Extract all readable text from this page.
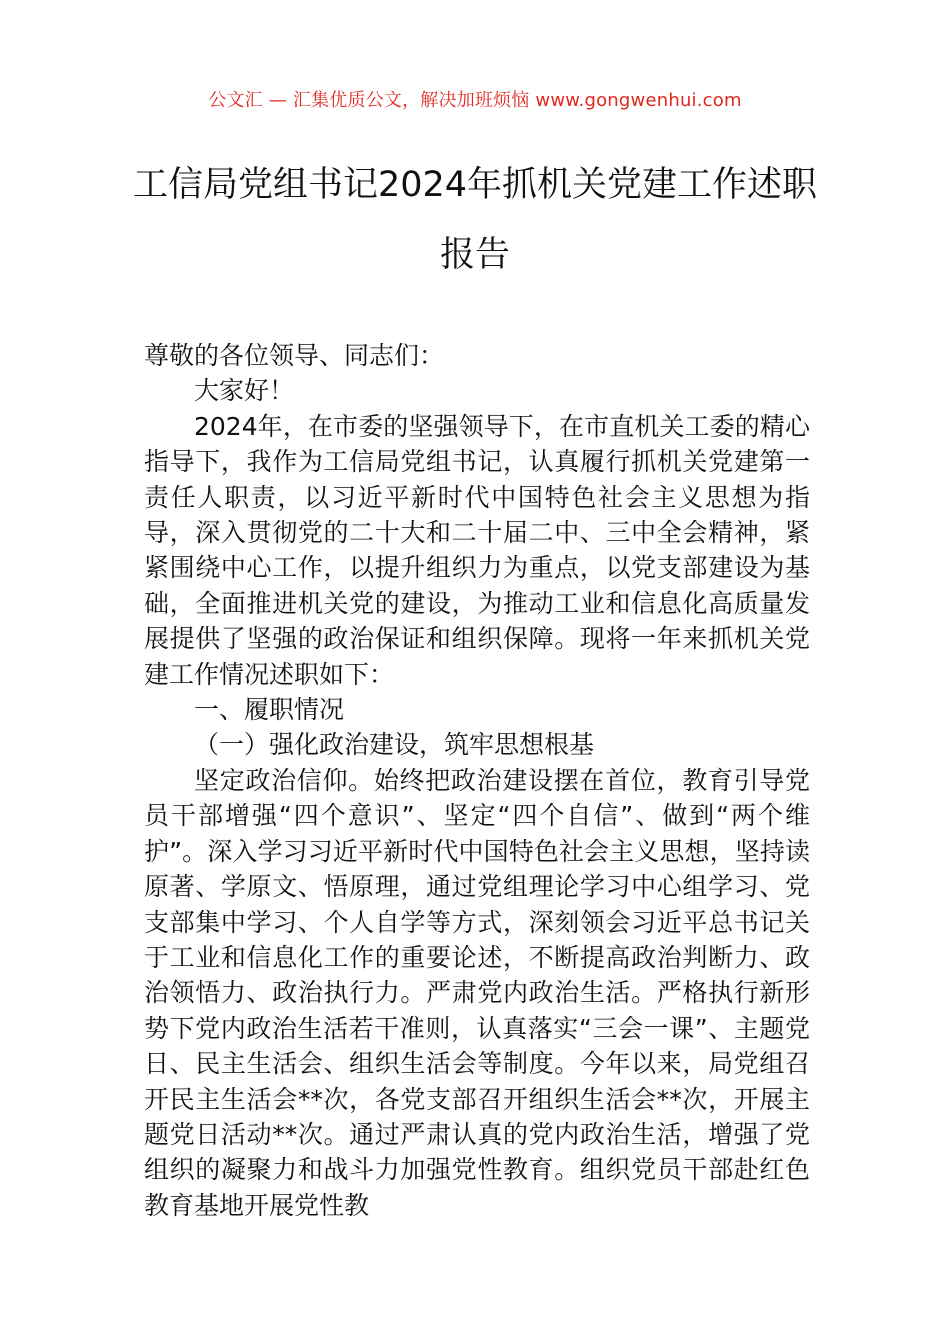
公文汇 — 汇集优质公文，解决加班烦恼 www.gongwenhui.com
工信局党组书记2024年抓机关党建工作述职报告

尊敬的各位领导、同志们：

大家好！

2024年，在市委的坚强领导下，在市直机关工委的精心指导下，我作为工信局党组书记，认真履行抓机关党建第一责任人职责，以习近平新时代中国特色社会主义思想为指导，深入贯彻党的二十大和二十届二中、三中全会精神，紧紧围绕中心工作，以提升组织力为重点，以党支部建设为基础，全面推进机关党的建设，为推动工业和信息化高质量发展提供了坚强的政治保证和组织保障。现将一年来抓机关党建工作情况述职如下：

一、履职情况

（一）强化政治建设，筑牢思想根基

坚定政治信仰。始终把政治建设摆在首位，教育引导党员干部增强“四个意识”、坚定“四个自信”、做到“两个维护”。深入学习习近平新时代中国特色社会主义思想，坚持读原著、学原文、悟原理，通过党组理论学习中心组学习、党支部集中学习、个人自学等方式，深刻领会习近平总书记关于工业和信息化工作的重要论述，不断提高政治判断力、政治领悟力、政治执行力。严肃党内政治生活。严格执行新形势下党内政治生活若干准则，认真落实“三会一课”、主题党日、民主生活会、组织生活会等制度。今年以来，局党组召开民主生活会**次，各党支部召开组织生活会**次，开展主题党日活动**次。通过严肃认真的党内政治生活，增强了党组织的凝聚力和战斗力加强党性教育。组织党员干部赴红色教育基地开展党性教
